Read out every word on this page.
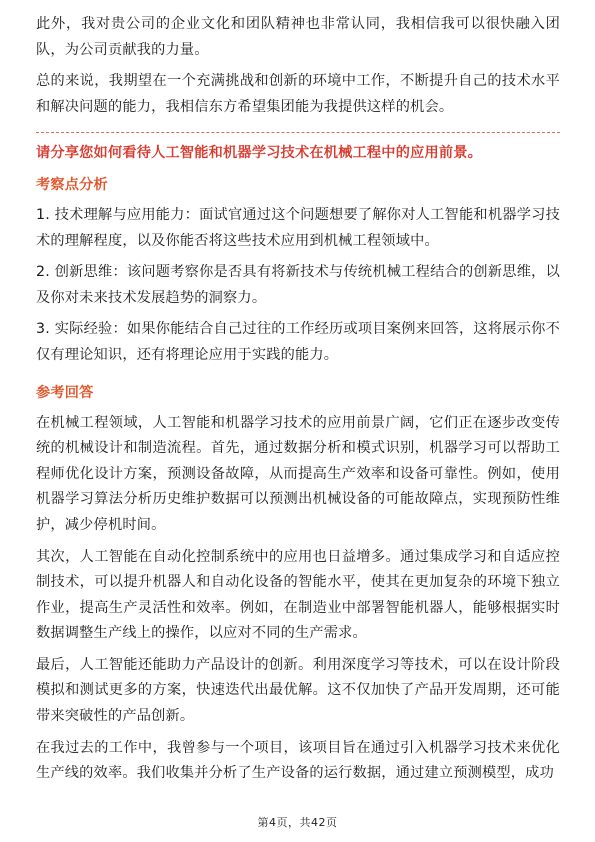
此外，我对贵公司的企业文化和团队精神也非常认同，我相信我可以很快融入团队，为公司贡献我的力量。

总的来说，我期望在一个充满挑战和创新的环境中工作，不断提升自己的技术水平和解决问题的能力，我相信东方希望集团能为我提供这样的机会。

请分享您如何看待人工智能和机器学习技术在机械工程中的应用前景。

考察点分析

1. 技术理解与应用能力：面试官通过这个问题想要了解你对人工智能和机器学习技术的理解程度，以及你能否将这些技术应用到机械工程领域中。

2. 创新思维：该问题考察你是否具有将新技术与传统机械工程结合的创新思维，以及你对未来技术发展趋势的洞察力。

3. 实际经验：如果你能结合自己过往的工作经历或项目案例来回答，这将展示你不仅有理论知识，还有将理论应用于实践的能力。

参考回答

在机械工程领域，人工智能和机器学习技术的应用前景广阔，它们正在逐步改变传统的机械设计和制造流程。首先，通过数据分析和模式识别，机器学习可以帮助工程师优化设计方案，预测设备故障，从而提高生产效率和设备可靠性。例如，使用机器学习算法分析历史维护数据可以预测出机械设备的可能故障点，实现预防性维护，减少停机时间。

其次，人工智能在自动化控制系统中的应用也日益增多。通过集成学习和自适应控制技术，可以提升机器人和自动化设备的智能水平，使其在更加复杂的环境下独立作业，提高生产灵活性和效率。例如，在制造业中部署智能机器人，能够根据实时数据调整生产线上的操作，以应对不同的生产需求。

最后，人工智能还能助力产品设计的创新。利用深度学习等技术，可以在设计阶段模拟和测试更多的方案，快速迭代出最优解。这不仅加快了产品开发周期，还可能带来突破性的产品创新。

在我过去的工作中，我曾参与一个项目，该项目旨在通过引入机器学习技术来优化生产线的效率。我们收集并分析了生产设备的运行数据，通过建立预测模型，成功

第4页，共42页
